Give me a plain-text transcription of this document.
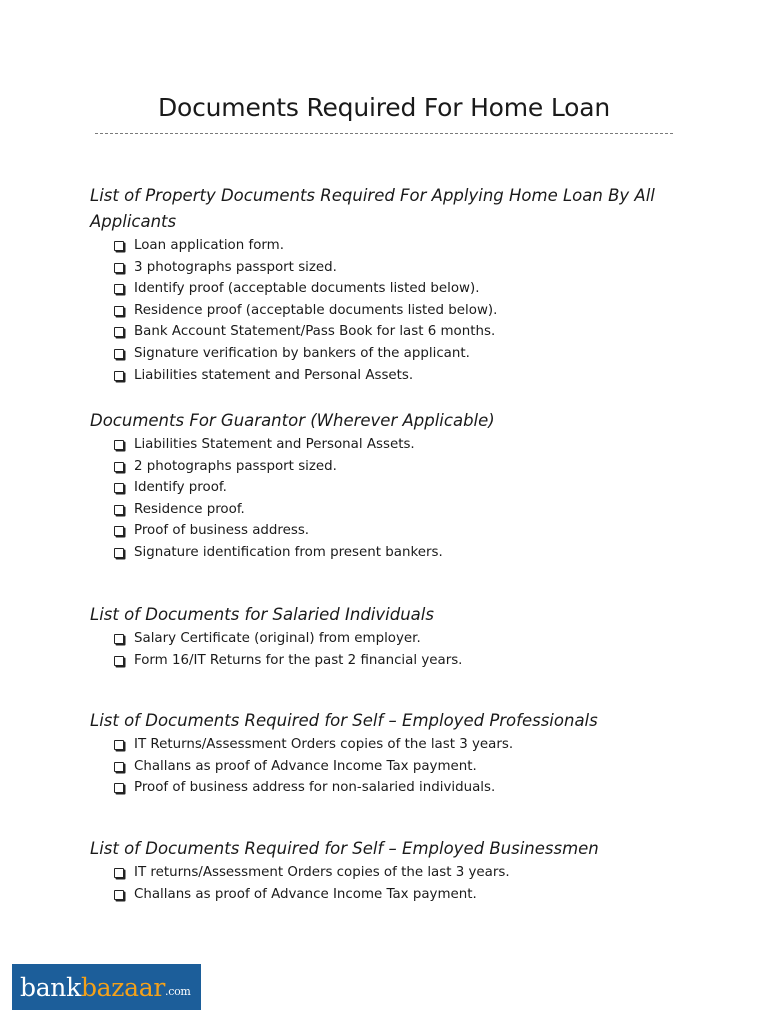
Documents Required For Home Loan

List of Property Documents Required For Applying Home Loan By All Applicants

Loan application form.
3 photographs passport sized.
Identify proof (acceptable documents listed below).
Residence proof (acceptable documents listed below).
Bank Account Statement/Pass Book for last 6 months.
Signature verification by bankers of the applicant.
Liabilities statement and Personal Assets.

Documents For Guarantor (Wherever Applicable)

Liabilities Statement and Personal Assets.
2 photographs passport sized.
Identify proof.
Residence proof.
Proof of business address.
Signature identification from present bankers.

List of Documents for Salaried Individuals

Salary Certificate (original) from employer.
Form 16/IT Returns for the past 2 financial years.

List of Documents Required for Self – Employed Professionals

IT Returns/Assessment Orders copies of the last 3 years.
Challans as proof of Advance Income Tax payment.
Proof of business address for non-salaried individuals.

List of Documents Required for Self – Employed Businessmen

IT returns/Assessment Orders copies of the last 3 years.
Challans as proof of Advance Income Tax payment.
bank bazaar .com
